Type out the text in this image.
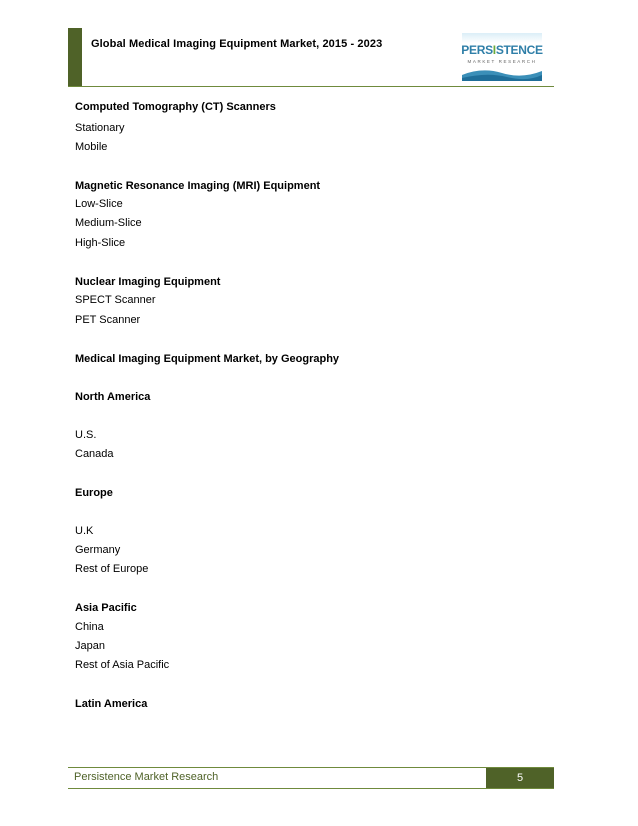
Global Medical Imaging Equipment Market, 2015 - 2023	PERSISTENCE
MARKET RESEARCH
Computed Tomography (CT) Scanners
Stationary
Mobile
Magnetic Resonance Imaging (MRI) Equipment
Low-Slice
Medium-Slice
High-Slice
Nuclear Imaging Equipment
SPECT Scanner
PET Scanner
Medical Imaging Equipment Market, by Geography
North America
U.S.
Canada
Europe
U.K
Germany
Rest of Europe
Asia Pacific
China
Japan
Rest of Asia Pacific
Latin America
Persistence Market Research	5
